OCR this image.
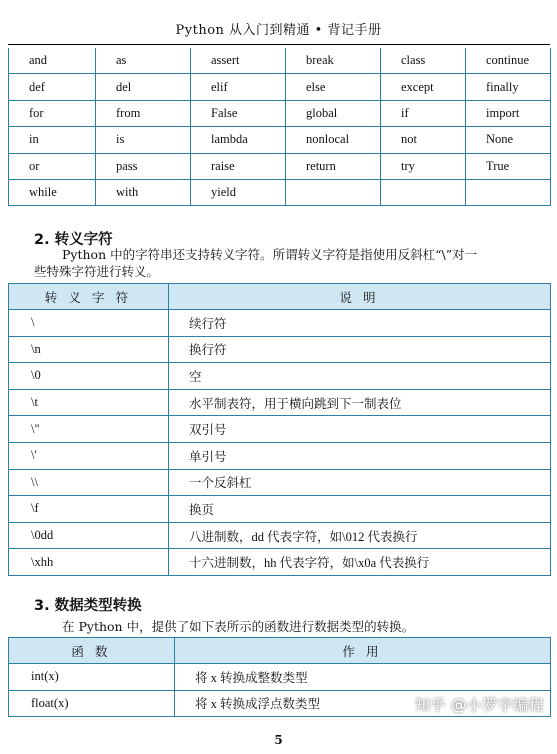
Python 从入门到精通 • 背记手册
and	as	assert	break	class	continue
def	del	elif	else	except	finally
for	from	False	global	if	import
in	is	lambda	nonlocal	not	None
or	pass	raise	return	try	True
while	with	yield			
2. 转义字符
Python 中的字符串还支持转义字符。所谓转义字符是指使用反斜杠“\”对一
些特殊字符进行转义。
转 义 字 符	说 明
\	续行符
\n	换行符
\0	空
\t	水平制表符，用于横向跳到下一制表位
\"	双引号
\'	单引号
\\	一个反斜杠
\f	换页
\0dd	八进制数，dd 代表字符，如\012 代表换行
\xhh	十六进制数，hh 代表字符，如\x0a 代表换行
3. 数据类型转换
在 Python 中，提供了如下表所示的函数进行数据类型的转换。
函 数	作 用
int(x)	将 x 转换成整数类型
float(x)	将 x 转换成浮点数类型	知乎 @小罗字编程
5
